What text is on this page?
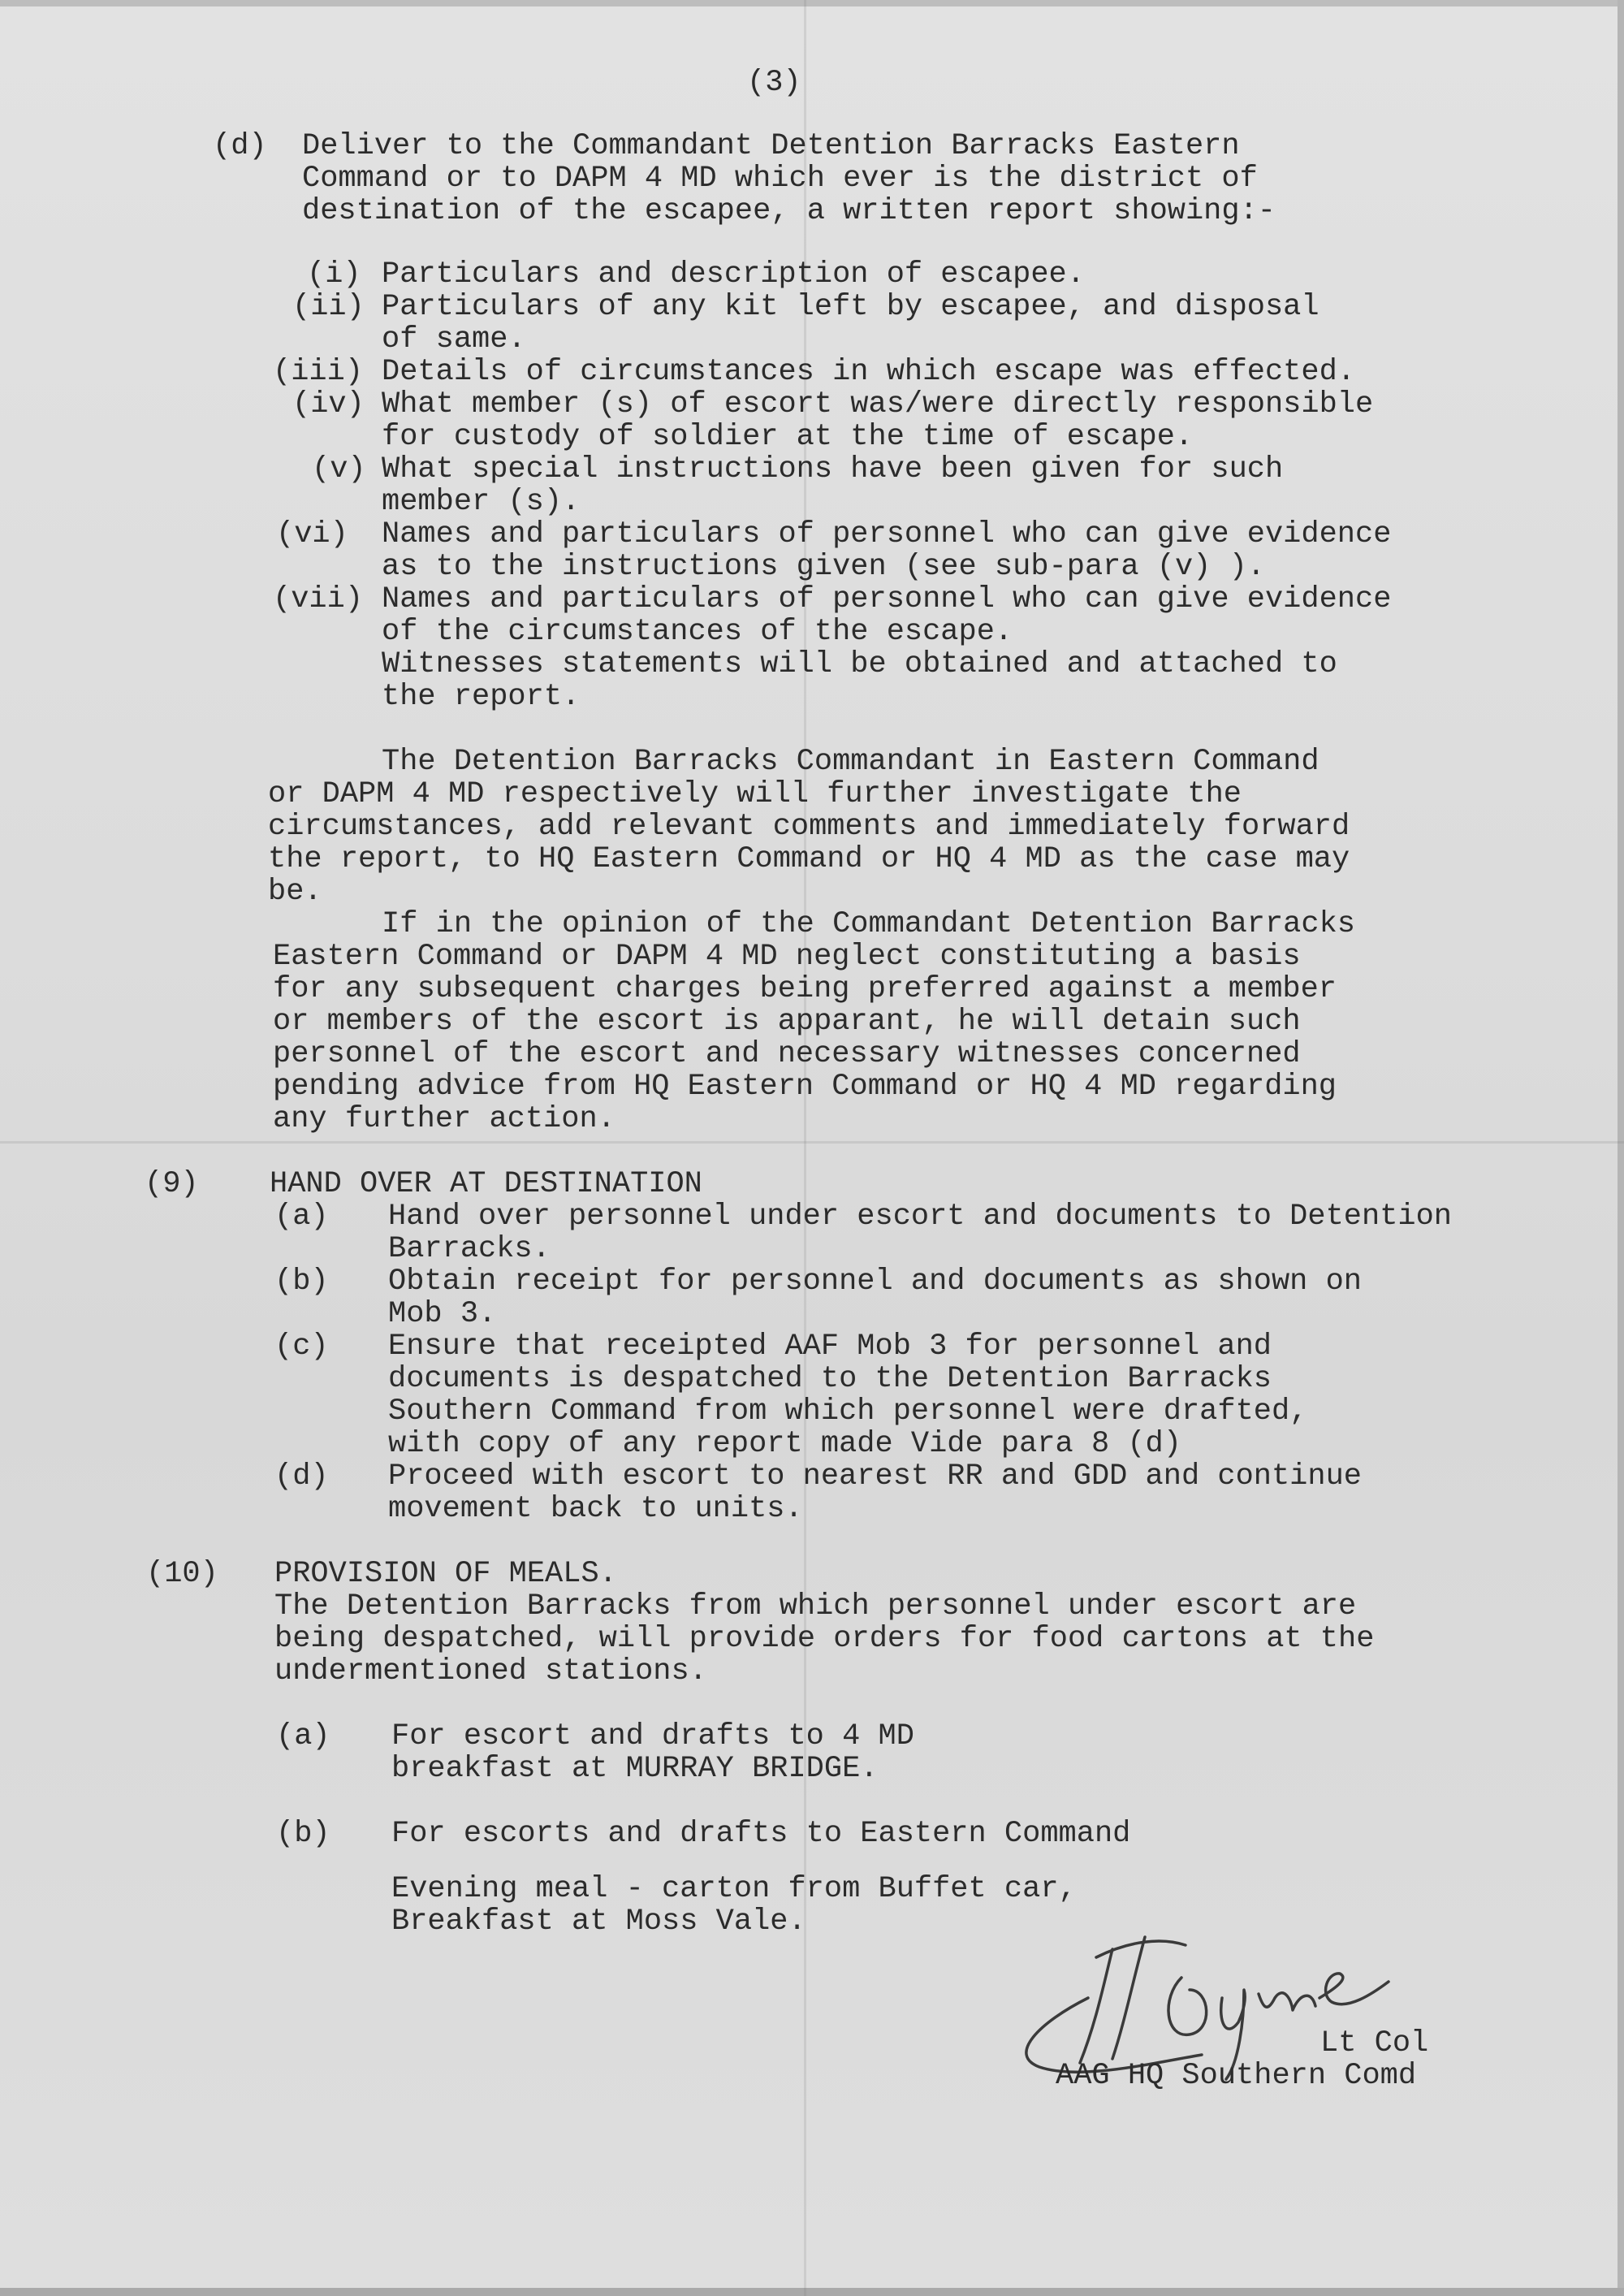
(3)
(d) Deliver to the Commandant Detention Barracks Eastern
Command or to DAPM 4 MD which ever is the district of
destination of the escapee, a written report showing:-
(i) Particulars and description of escapee.
(ii) Particulars of any kit left by escapee, and disposal
of same.
(iii) Details of circumstances in which escape was effected.
(iv) What member (s) of escort was/were directly responsible
for custody of soldier at the time of escape.
(v) What special instructions have been given for such
member (s).
(vi) Names and particulars of personnel who can give evidence
as to the instructions given (see sub-para (v) ).
(vii) Names and particulars of personnel who can give evidence
of the circumstances of the escape.
Witnesses statements will be obtained and attached to
the report.
The Detention Barracks Commandant in Eastern Command
or DAPM 4 MD respectively will further investigate the
circumstances, add relevant comments and immediately forward
the report, to HQ Eastern Command or HQ 4 MD as the case may
be.
If in the opinion of the Commandant Detention Barracks
Eastern Command or DAPM 4 MD neglect constituting a basis
for any subsequent charges being preferred against a member
or members of the escort is apparant, he will detain such
personnel of the escort and necessary witnesses concerned
pending advice from HQ Eastern Command or HQ 4 MD regarding
any further action.
(9) HAND OVER AT DESTINATION
(a) Hand over personnel under escort and documents to Detention
Barracks.
(b) Obtain receipt for personnel and documents as shown on
Mob 3.
(c) Ensure that receipted AAF Mob 3 for personnel and
documents is despatched to the Detention Barracks
Southern Command from which personnel were drafted,
with copy of any report made Vide para 8 (d)
(d) Proceed with escort to nearest RR and GDD and continue
movement back to units.
(10) PROVISION OF MEALS.
The Detention Barracks from which personnel under escort are
being despatched, will provide orders for food cartons at the
undermentioned stations.
(a) For escort and drafts to 4 MD
breakfast at MURRAY BRIDGE.
(b) For escorts and drafts to Eastern Command
Evening meal - carton from Buffet car,
Breakfast at Moss Vale.
Lt Col
AAG HQ Southern Comd
